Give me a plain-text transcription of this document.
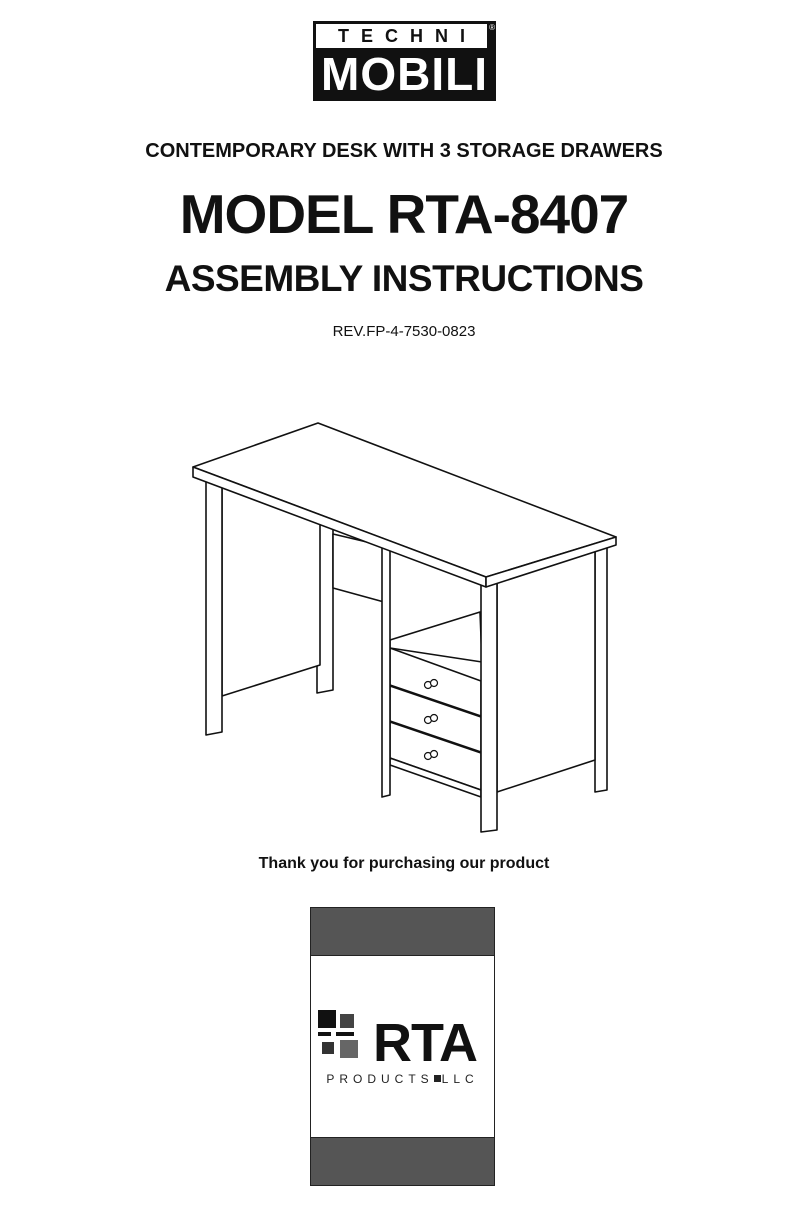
TECHNI	®
MOBILI
CONTEMPORARY DESK WITH 3 STORAGE DRAWERS
MODEL RTA-8407
ASSEMBLY INSTRUCTIONS
REV.FP-4-7530-0823
Thank you for purchasing our product
RTA
PRODUCTS LLC
